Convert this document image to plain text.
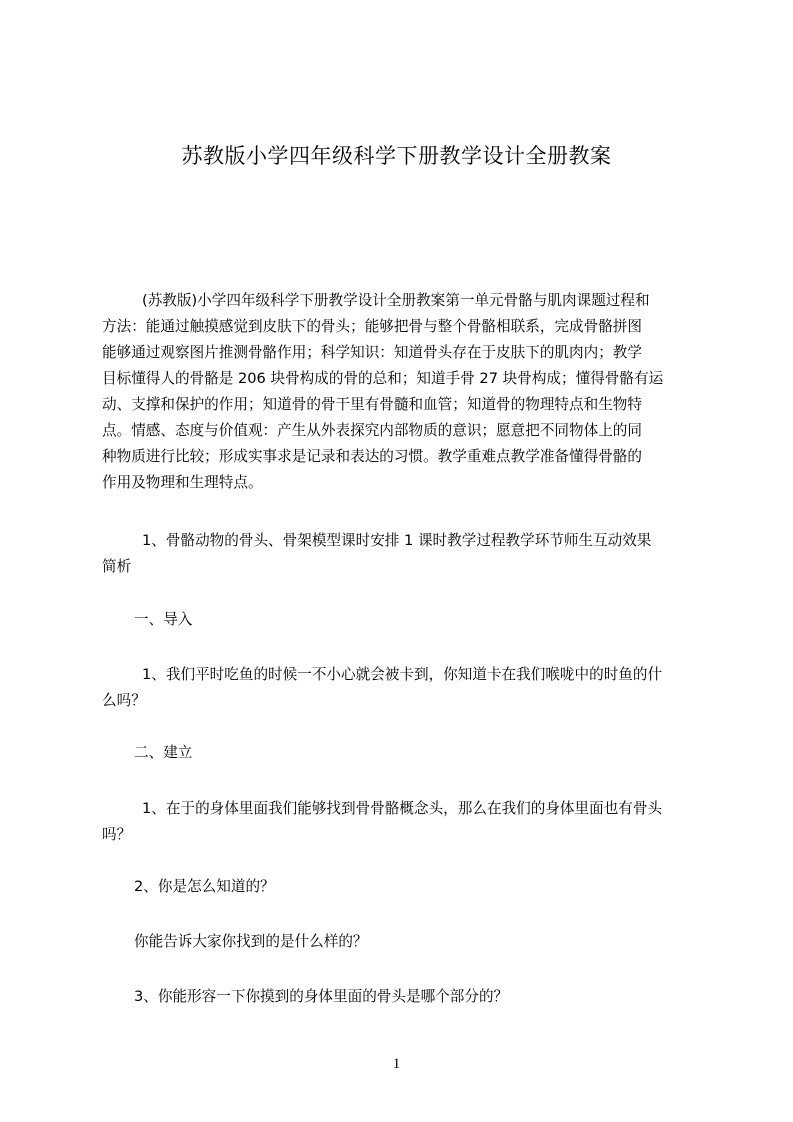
苏教版小学四年级科学下册教学设计全册教案
(苏教版)小学四年级科学下册教学设计全册教案第一单元骨骼与肌肉课题过程和
方法：能通过触摸感觉到皮肤下的骨头；能够把骨与整个骨骼相联系，完成骨骼拼图
能够通过观察图片推测骨骼作用；科学知识：知道骨头存在于皮肤下的肌肉内；教学
目标懂得人的骨骼是 206 块骨构成的骨的总和；知道手骨 27 块骨构成；懂得骨骼有运
动、支撑和保护的作用；知道骨的骨干里有骨髓和血管；知道骨的物理特点和生物特
点。情感、态度与价值观：产生从外表探究内部物质的意识；愿意把不同物体上的同
种物质进行比较；形成实事求是记录和表达的习惯。教学重难点教学准备懂得骨骼的
作用及物理和生理特点。
1、骨骼动物的骨头、骨架模型课时安排 1 课时教学过程教学环节师生互动效果
简析
一、导入
1、我们平时吃鱼的时候一不小心就会被卡到，你知道卡在我们喉咙中的时鱼的什
么吗？
二、建立
1、在于的身体里面我们能够找到骨骨骼概念头，那么在我们的身体里面也有骨头
吗？
2、你是怎么知道的？
你能告诉大家你找到的是什么样的？
3、你能形容一下你摸到的身体里面的骨头是哪个部分的？
1
